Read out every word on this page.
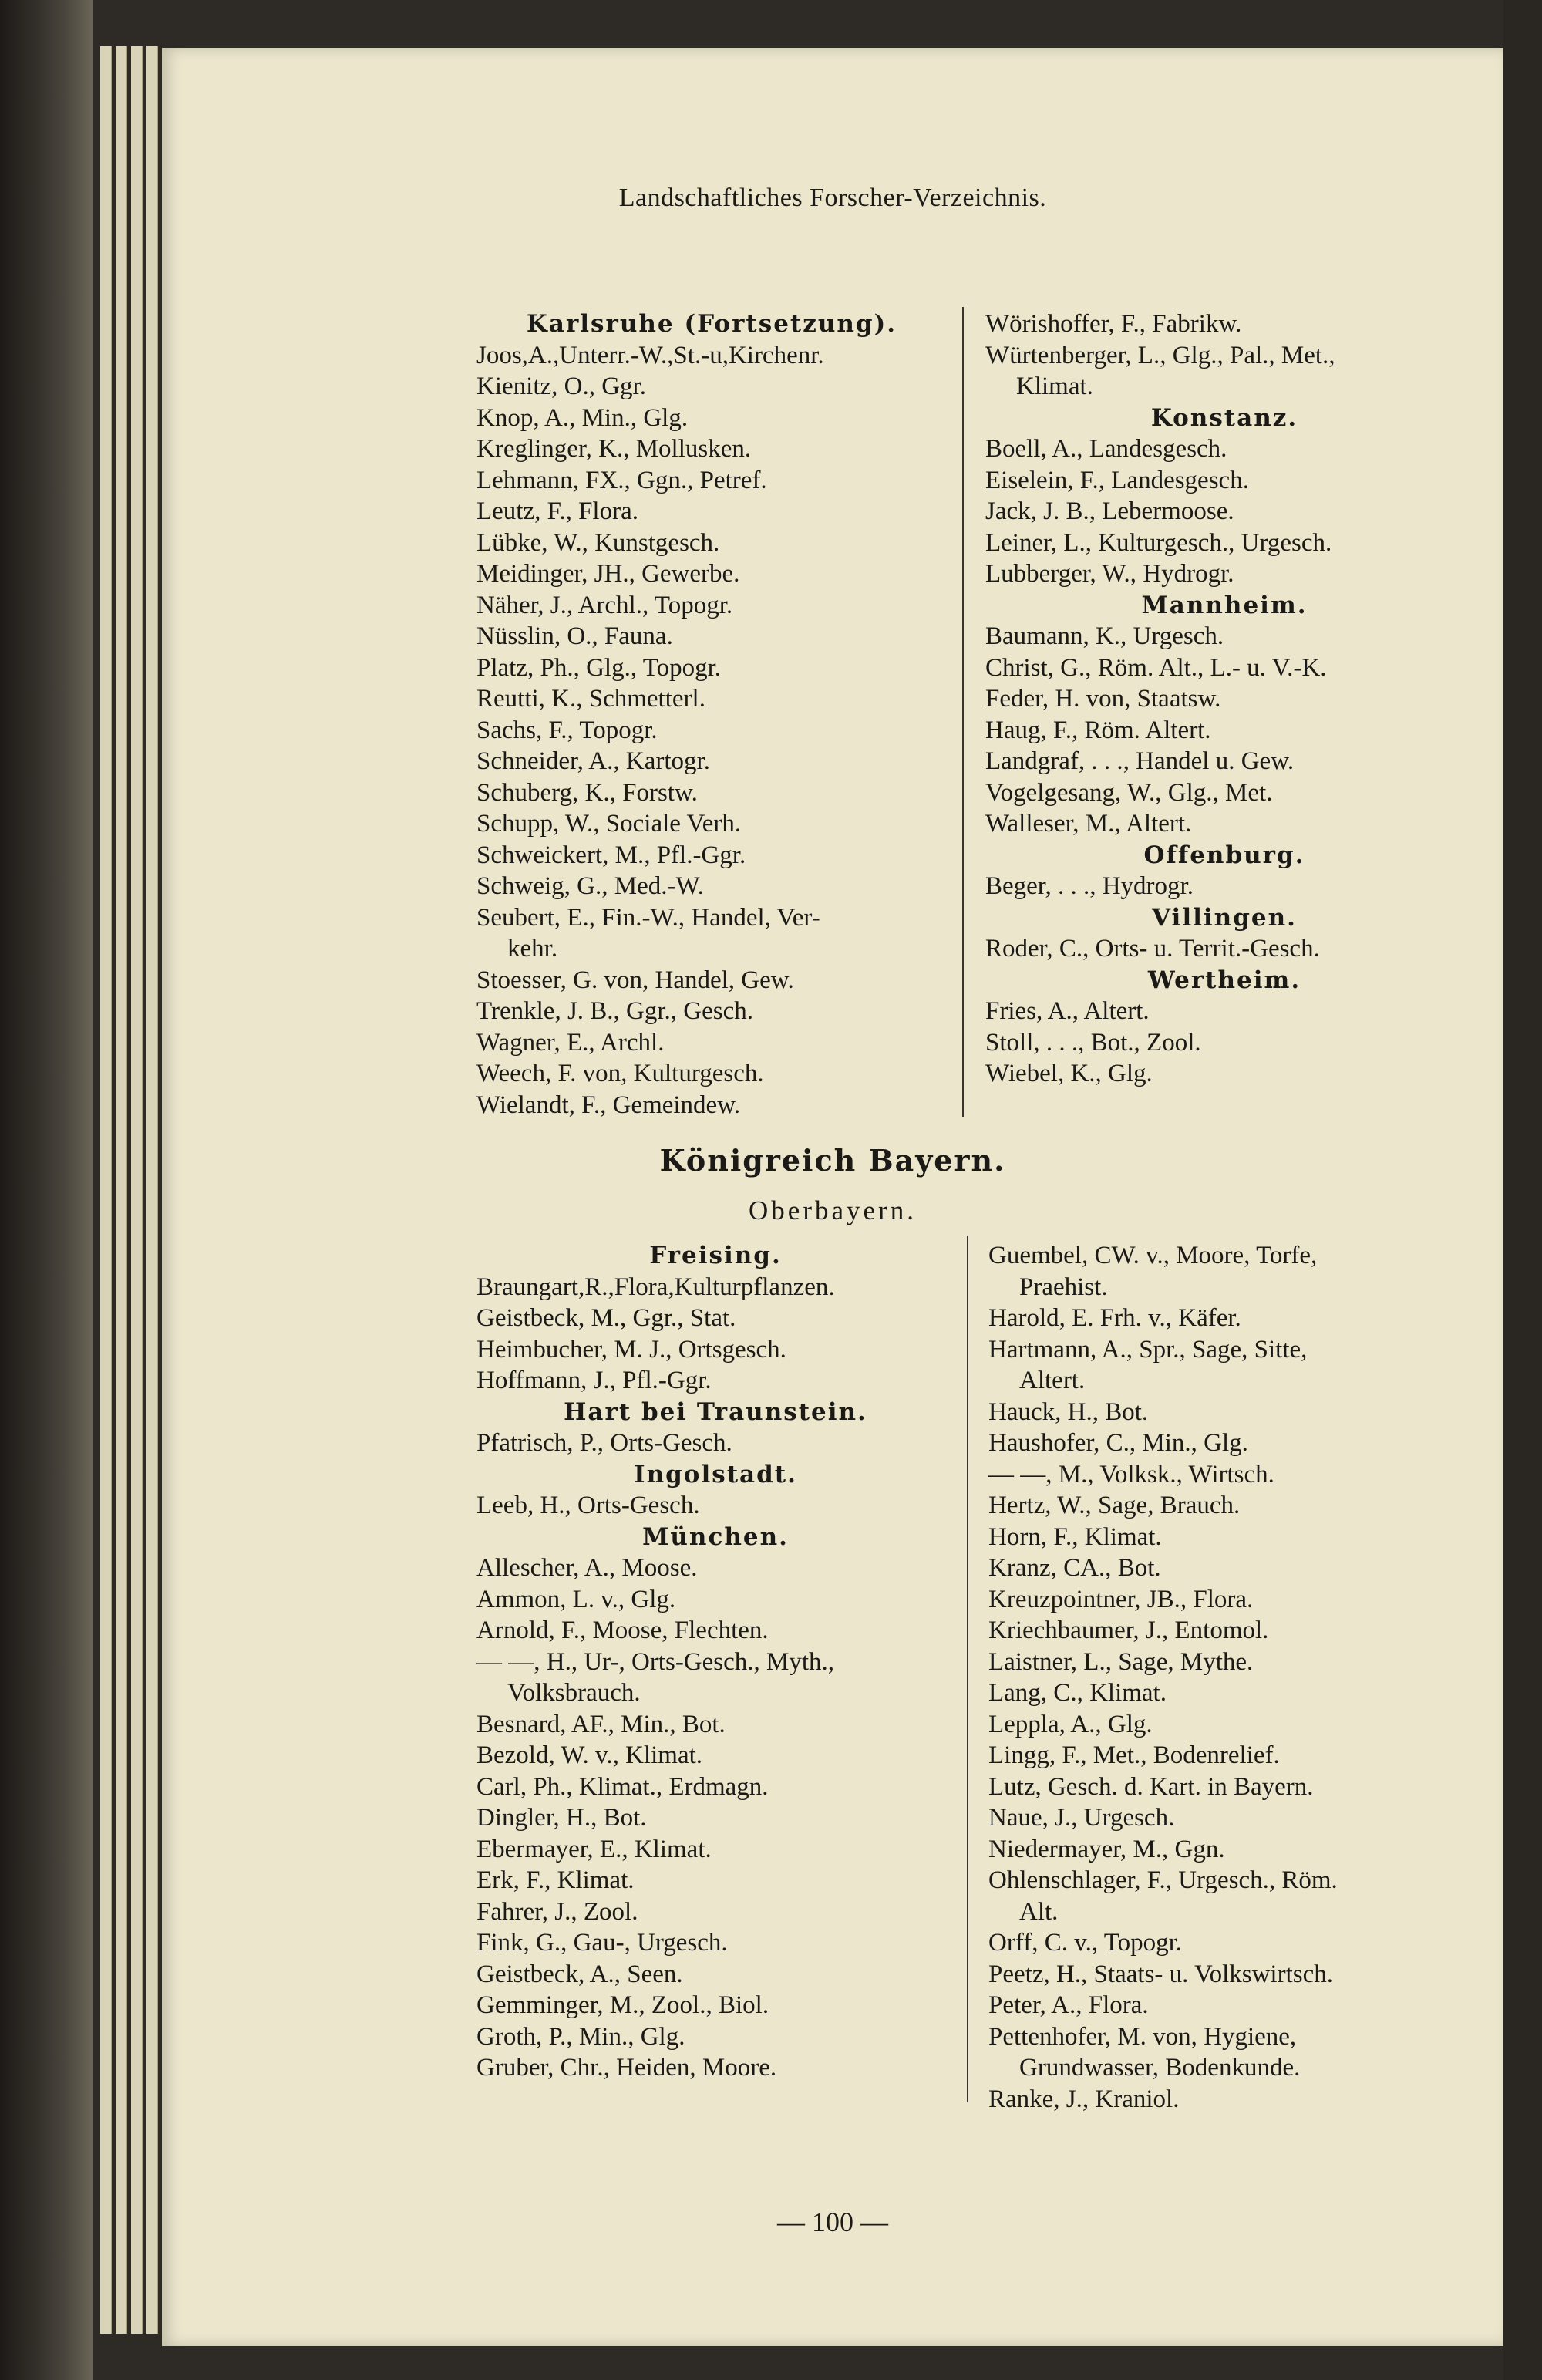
Landschaftliches Forscher-Verzeichnis.
Karlsruhe (Fortsetzung).
Joos,A.,Unterr.-W.,St.-u,Kirchenr.
Kienitz, O., Ggr.
Knop, A., Min., Glg.
Kreglinger, K., Mollusken.
Lehmann, FX., Ggn., Petref.
Leutz, F., Flora.
Lübke, W., Kunstgesch.
Meidinger, JH., Gewerbe.
Näher, J., Archl., Topogr.
Nüsslin, O., Fauna.
Platz, Ph., Glg., Topogr.
Reutti, K., Schmetterl.
Sachs, F., Topogr.
Schneider, A., Kartogr.
Schuberg, K., Forstw.
Schupp, W., Sociale Verh.
Schweickert, M., Pfl.-Ggr.
Schweig, G., Med.-W.
Seubert, E., Fin.-W., Handel, Ver-
kehr.
Stoesser, G. von, Handel, Gew.
Trenkle, J. B., Ggr., Gesch.
Wagner, E., Archl.
Weech, F. von, Kulturgesch.
Wielandt, F., Gemeindew.
Wörishoffer, F., Fabrikw.
Würtenberger, L., Glg., Pal., Met.,
Klimat.
Konstanz.
Boell, A., Landesgesch.
Eiselein, F., Landesgesch.
Jack, J. B., Lebermoose.
Leiner, L., Kulturgesch., Urgesch.
Lubberger, W., Hydrogr.
Mannheim.
Baumann, K., Urgesch.
Christ, G., Röm. Alt., L.- u. V.-K.
Feder, H. von, Staatsw.
Haug, F., Röm. Altert.
Landgraf, . . ., Handel u. Gew.
Vogelgesang, W., Glg., Met.
Walleser, M., Altert.
Offenburg.
Beger, . . ., Hydrogr.
Villingen.
Roder, C., Orts- u. Territ.-Gesch.
Wertheim.
Fries, A., Altert.
Stoll, . . ., Bot., Zool.
Wiebel, K., Glg.
Königreich Bayern.
Oberbayern.
Freising.
Braungart,R.,Flora,Kulturpflanzen.
Geistbeck, M., Ggr., Stat.
Heimbucher, M. J., Ortsgesch.
Hoffmann, J., Pfl.-Ggr.
Hart bei Traunstein.
Pfatrisch, P., Orts-Gesch.
Ingolstadt.
Leeb, H., Orts-Gesch.
München.
Allescher, A., Moose.
Ammon, L. v., Glg.
Arnold, F., Moose, Flechten.
— —, H., Ur-, Orts-Gesch., Myth.,
Volksbrauch.
Besnard, AF., Min., Bot.
Bezold, W. v., Klimat.
Carl, Ph., Klimat., Erdmagn.
Dingler, H., Bot.
Ebermayer, E., Klimat.
Erk, F., Klimat.
Fahrer, J., Zool.
Fink, G., Gau-, Urgesch.
Geistbeck, A., Seen.
Gemminger, M., Zool., Biol.
Groth, P., Min., Glg.
Gruber, Chr., Heiden, Moore.
Guembel, CW. v., Moore, Torfe,
Praehist.
Harold, E. Frh. v., Käfer.
Hartmann, A., Spr., Sage, Sitte,
Altert.
Hauck, H., Bot.
Haushofer, C., Min., Glg.
— —, M., Volksk., Wirtsch.
Hertz, W., Sage, Brauch.
Horn, F., Klimat.
Kranz, CA., Bot.
Kreuzpointner, JB., Flora.
Kriechbaumer, J., Entomol.
Laistner, L., Sage, Mythe.
Lang, C., Klimat.
Leppla, A., Glg.
Lingg, F., Met., Bodenrelief.
Lutz, Gesch. d. Kart. in Bayern.
Naue, J., Urgesch.
Niedermayer, M., Ggn.
Ohlenschlager, F., Urgesch., Röm.
Alt.
Orff, C. v., Topogr.
Peetz, H., Staats- u. Volkswirtsch.
Peter, A., Flora.
Pettenhofer, M. von, Hygiene,
Grundwasser, Bodenkunde.
Ranke, J., Kraniol.
— 100 —
